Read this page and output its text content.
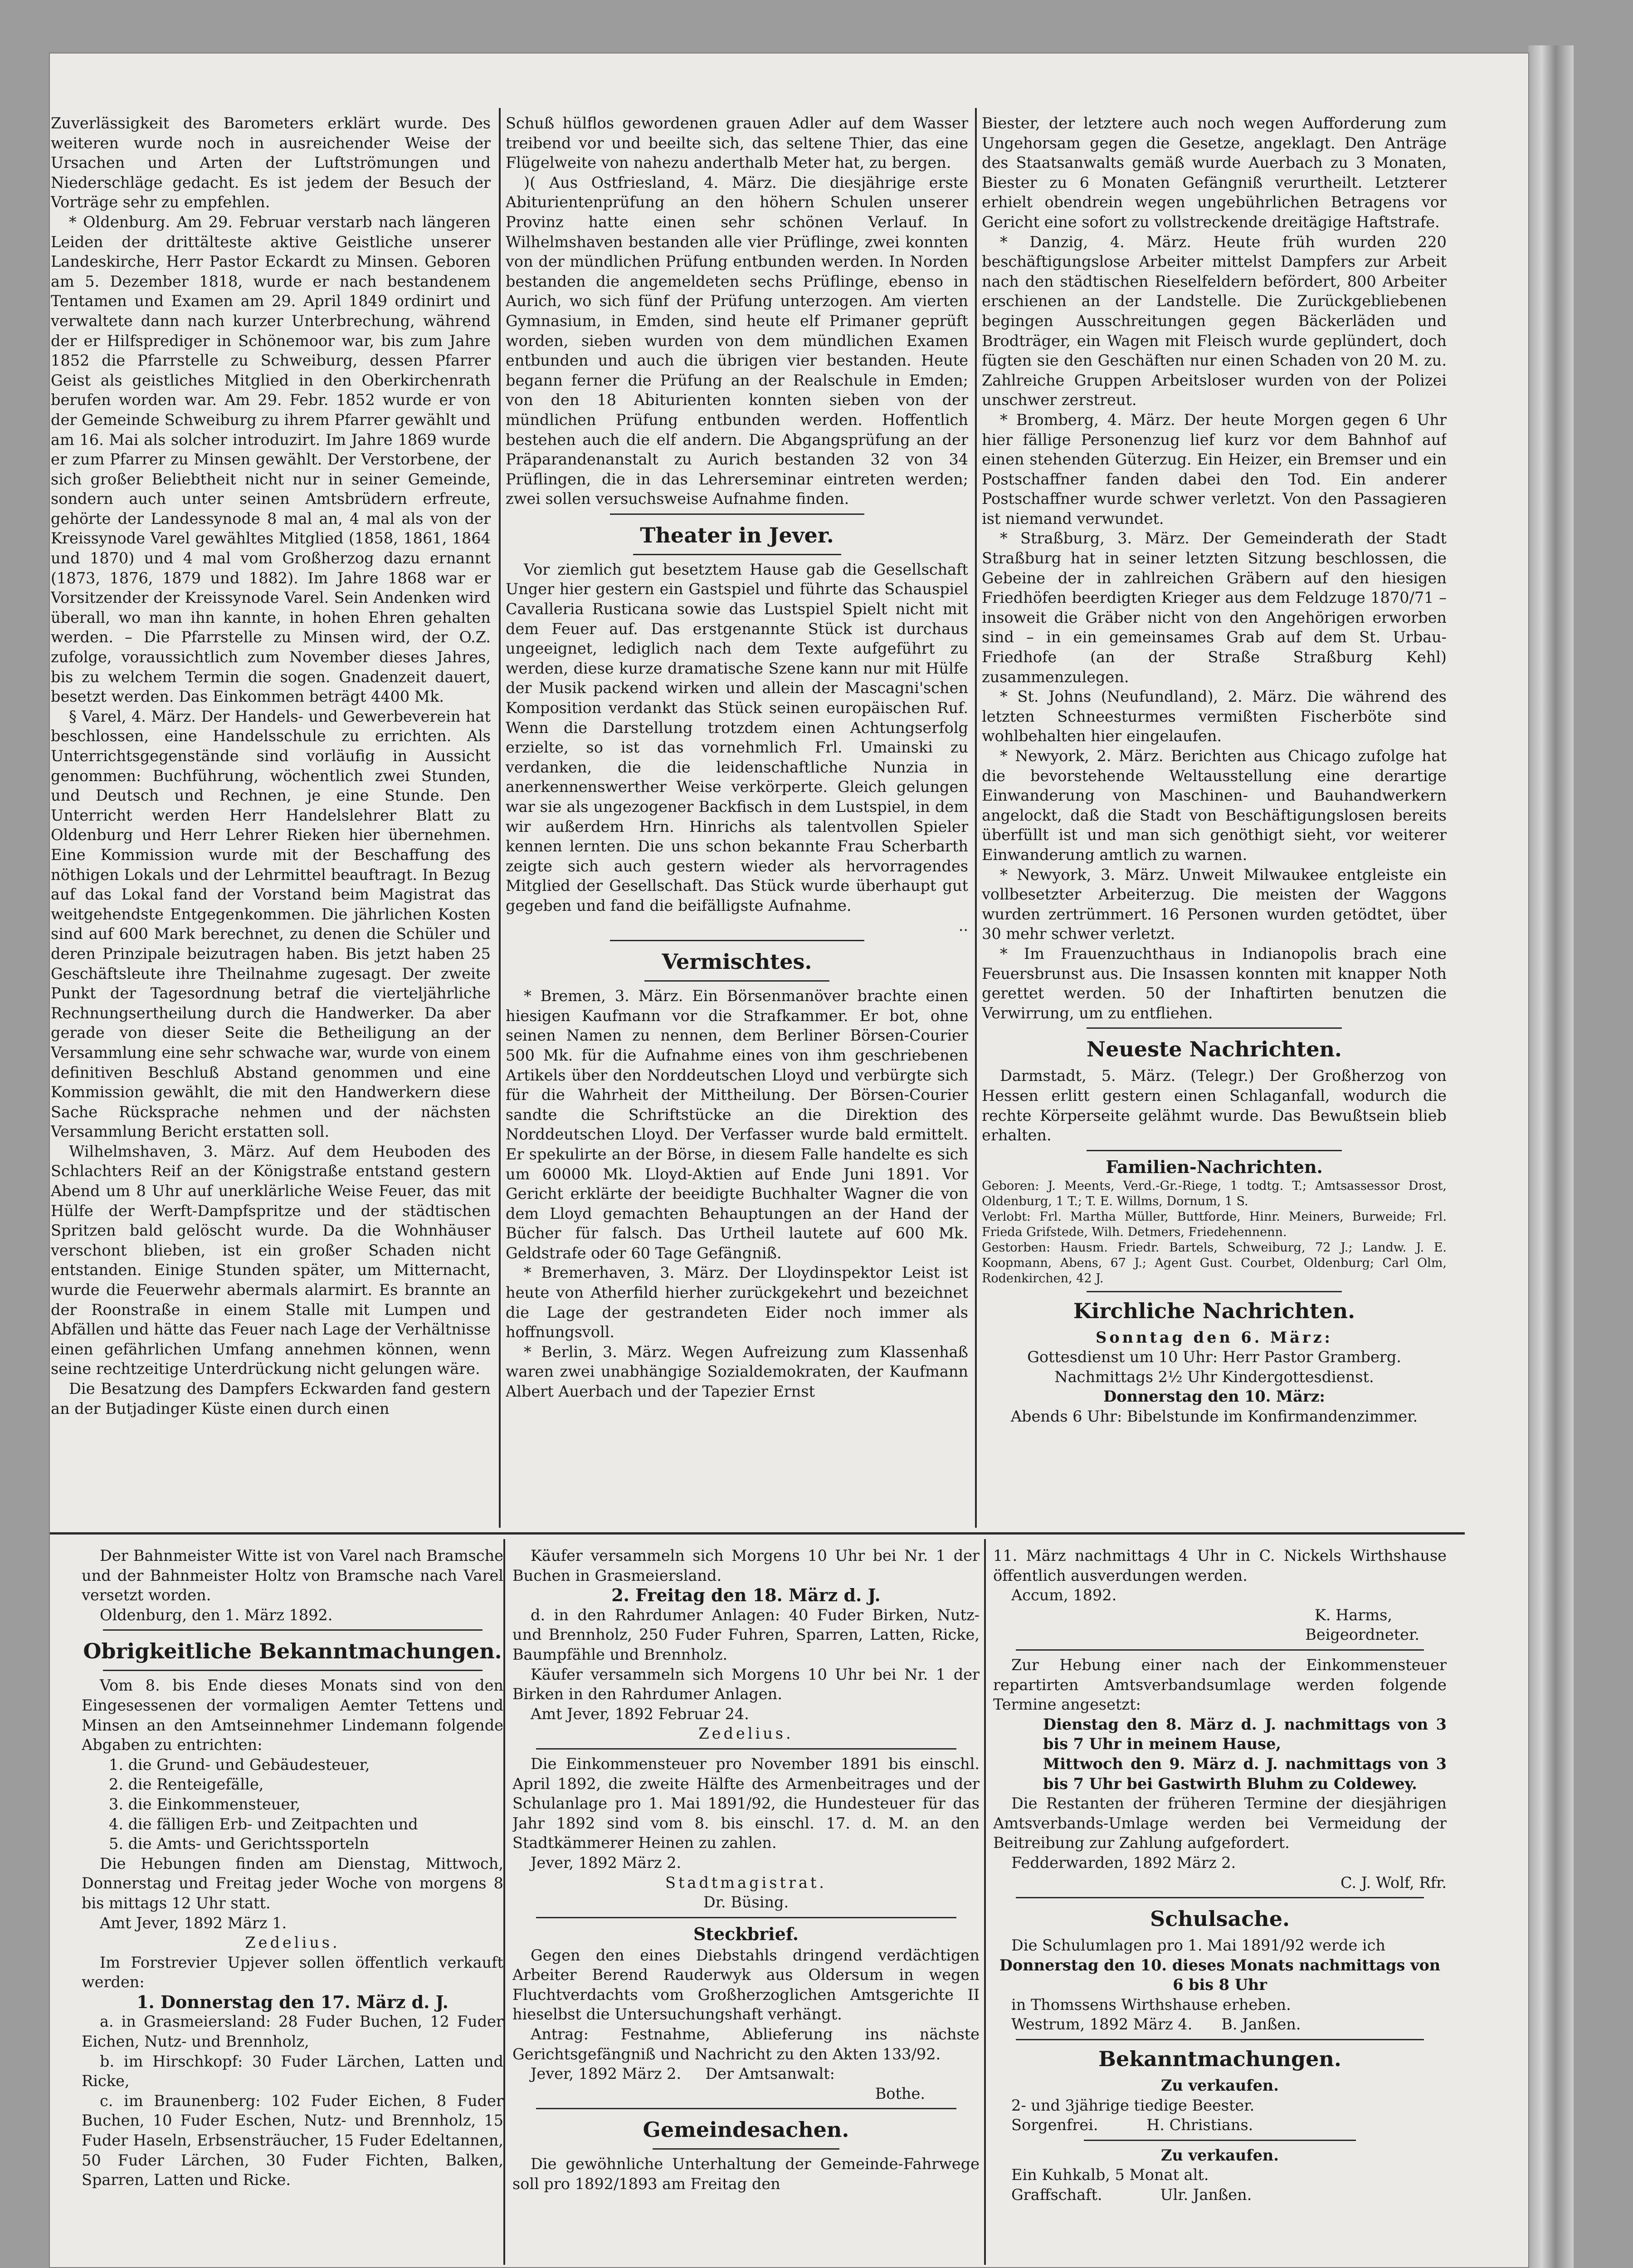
Zuverlässigkeit des Barometers erklärt wurde. Des weiteren wurde noch in ausreichender Weise der Ursachen und Arten der Luftströmungen und Niederschläge gedacht. Es ist jedem der Besuch der Vorträge sehr zu empfehlen.

* Oldenburg. Am 29. Februar verstarb nach längeren Leiden der drittälteste aktive Geistliche unserer Landeskirche, Herr Pastor Eckardt zu Minsen. Geboren am 5. Dezember 1818, wurde er nach bestandenem Tentamen und Examen am 29. April 1849 ordinirt und verwaltete dann nach kurzer Unterbrechung, während der er Hilfsprediger in Schönemoor war, bis zum Jahre 1852 die Pfarrstelle zu Schweiburg, dessen Pfarrer Geist als geistliches Mitglied in den Oberkirchenrath berufen worden war. Am 29. Febr. 1852 wurde er von der Gemeinde Schweiburg zu ihrem Pfarrer gewählt und am 16. Mai als solcher introduzirt. Im Jahre 1869 wurde er zum Pfarrer zu Minsen gewählt. Der Verstorbene, der sich großer Beliebtheit nicht nur in seiner Gemeinde, sondern auch unter seinen Amtsbrüdern erfreute, gehörte der Landessynode 8 mal an, 4 mal als von der Kreissynode Varel gewähltes Mitglied (1858, 1861, 1864 und 1870) und 4 mal vom Großherzog dazu ernannt (1873, 1876, 1879 und 1882). Im Jahre 1868 war er Vorsitzender der Kreissynode Varel. Sein Andenken wird überall, wo man ihn kannte, in hohen Ehren gehalten werden. – Die Pfarrstelle zu Minsen wird, der O.Z. zufolge, voraussichtlich zum November dieses Jahres, bis zu welchem Termin die sogen. Gnadenzeit dauert, besetzt werden. Das Einkommen beträgt 4400 Mk.

§ Varel, 4. März. Der Handels- und Gewerbeverein hat beschlossen, eine Handelsschule zu errichten. Als Unterrichtsgegenstände sind vorläufig in Aussicht genommen: Buchführung, wöchentlich zwei Stunden, und Deutsch und Rechnen, je eine Stunde. Den Unterricht werden Herr Handelslehrer Blatt zu Oldenburg und Herr Lehrer Rieken hier übernehmen. Eine Kommission wurde mit der Beschaffung des nöthigen Lokals und der Lehrmittel beauftragt. In Bezug auf das Lokal fand der Vorstand beim Magistrat das weitgehendste Entgegenkommen. Die jährlichen Kosten sind auf 600 Mark berechnet, zu denen die Schüler und deren Prinzipale beizutragen haben. Bis jetzt haben 25 Geschäftsleute ihre Theilnahme zugesagt. Der zweite Punkt der Tagesordnung betraf die vierteljährliche Rechnungsertheilung durch die Handwerker. Da aber gerade von dieser Seite die Betheiligung an der Versammlung eine sehr schwache war, wurde von einem definitiven Beschluß Abstand genommen und eine Kommission gewählt, die mit den Handwerkern diese Sache Rücksprache nehmen und der nächsten Versammlung Bericht erstatten soll.

Wilhelmshaven, 3. März. Auf dem Heuboden des Schlachters Reif an der Königstraße entstand gestern Abend um 8 Uhr auf unerklärliche Weise Feuer, das mit Hülfe der Werft-Dampfspritze und der städtischen Spritzen bald gelöscht wurde. Da die Wohnhäuser verschont blieben, ist ein großer Schaden nicht entstanden. Einige Stunden später, um Mitternacht, wurde die Feuerwehr abermals alarmirt. Es brannte an der Roonstraße in einem Stalle mit Lumpen und Abfällen und hätte das Feuer nach Lage der Verhältnisse einen gefährlichen Umfang annehmen können, wenn seine rechtzeitige Unterdrückung nicht gelungen wäre.

Die Besatzung des Dampfers Eckwarden fand gestern an der Butjadinger Küste einen durch einen

Schuß hülflos gewordenen grauen Adler auf dem Wasser treibend vor und beeilte sich, das seltene Thier, das eine Flügelweite von nahezu anderthalb Meter hat, zu bergen.

)( Aus Ostfriesland, 4. März. Die diesjährige erste Abiturientenprüfung an den höhern Schulen unserer Provinz hatte einen sehr schönen Verlauf. In Wilhelmshaven bestanden alle vier Prüflinge, zwei konnten von der mündlichen Prüfung entbunden werden. In Norden bestanden die angemeldeten sechs Prüflinge, ebenso in Aurich, wo sich fünf der Prüfung unterzogen. Am vierten Gymnasium, in Emden, sind heute elf Primaner geprüft worden, sieben wurden von dem mündlichen Examen entbunden und auch die übrigen vier bestanden. Heute begann ferner die Prüfung an der Realschule in Emden; von den 18 Abiturienten konnten sieben von der mündlichen Prüfung entbunden werden. Hoffentlich bestehen auch die elf andern. Die Abgangsprüfung an der Präparandenanstalt zu Aurich bestanden 32 von 34 Prüflingen, die in das Lehrerseminar eintreten werden; zwei sollen versuchsweise Aufnahme finden.

Theater in Jever.

Vor ziemlich gut besetztem Hause gab die Gesellschaft Unger hier gestern ein Gastspiel und führte das Schauspiel Cavalleria Rusticana sowie das Lustspiel Spielt nicht mit dem Feuer auf. Das erstgenannte Stück ist durchaus ungeeignet, lediglich nach dem Texte aufgeführt zu werden, diese kurze dramatische Szene kann nur mit Hülfe der Musik packend wirken und allein der Mascagni'schen Komposition verdankt das Stück seinen europäischen Ruf. Wenn die Darstellung trotzdem einen Achtungserfolg erzielte, so ist das vornehmlich Frl. Umainski zu verdanken, die die leidenschaftliche Nunzia in anerkennenswerther Weise verkörperte. Gleich gelungen war sie als ungezogener Backfisch in dem Lustspiel, in dem wir außerdem Hrn. Hinrichs als talentvollen Spieler kennen lernten. Die uns schon bekannte Frau Scherbarth zeigte sich auch gestern wieder als hervorragendes Mitglied der Gesellschaft. Das Stück wurde überhaupt gut gegeben und fand die beifälligste Aufnahme.

..

Vermischtes.

* Bremen, 3. März. Ein Börsenmanöver brachte einen hiesigen Kaufmann vor die Strafkammer. Er bot, ohne seinen Namen zu nennen, dem Berliner Börsen-Courier 500 Mk. für die Aufnahme eines von ihm geschriebenen Artikels über den Norddeutschen Lloyd und verbürgte sich für die Wahrheit der Mittheilung. Der Börsen-Courier sandte die Schriftstücke an die Direktion des Norddeutschen Lloyd. Der Verfasser wurde bald ermittelt. Er spekulirte an der Börse, in diesem Falle handelte es sich um 60000 Mk. Lloyd-Aktien auf Ende Juni 1891. Vor Gericht erklärte der beeidigte Buchhalter Wagner die von dem Lloyd gemachten Behauptungen an der Hand der Bücher für falsch. Das Urtheil lautete auf 600 Mk. Geldstrafe oder 60 Tage Gefängniß.

* Bremerhaven, 3. März. Der Lloydinspektor Leist ist heute von Atherfild hierher zurückgekehrt und bezeichnet die Lage der gestrandeten Eider noch immer als hoffnungsvoll.

* Berlin, 3. März. Wegen Aufreizung zum Klassenhaß waren zwei unabhängige Sozialdemokraten, der Kaufmann Albert Auerbach und der Tapezier Ernst

Biester, der letztere auch noch wegen Aufforderung zum Ungehorsam gegen die Gesetze, angeklagt. Den Anträge des Staatsanwalts gemäß wurde Auerbach zu 3 Monaten, Biester zu 6 Monaten Gefängniß verurtheilt. Letzterer erhielt obendrein wegen ungebührlichen Betragens vor Gericht eine sofort zu vollstreckende dreitägige Haftstrafe.

* Danzig, 4. März. Heute früh wurden 220 beschäftigungslose Arbeiter mittelst Dampfers zur Arbeit nach den städtischen Rieselfeldern befördert, 800 Arbeiter erschienen an der Landstelle. Die Zurückgebliebenen begingen Ausschreitungen gegen Bäckerläden und Brodträger, ein Wagen mit Fleisch wurde geplündert, doch fügten sie den Geschäften nur einen Schaden von 20 M. zu. Zahlreiche Gruppen Arbeitsloser wurden von der Polizei unschwer zerstreut.

* Bromberg, 4. März. Der heute Morgen gegen 6 Uhr hier fällige Personenzug lief kurz vor dem Bahnhof auf einen stehenden Güterzug. Ein Heizer, ein Bremser und ein Postschaffner fanden dabei den Tod. Ein anderer Postschaffner wurde schwer verletzt. Von den Passagieren ist niemand verwundet.

* Straßburg, 3. März. Der Gemeinderath der Stadt Straßburg hat in seiner letzten Sitzung beschlossen, die Gebeine der in zahlreichen Gräbern auf den hiesigen Friedhöfen beerdigten Krieger aus dem Feldzuge 1870/71 – insoweit die Gräber nicht von den Angehörigen erworben sind – in ein gemeinsames Grab auf dem St. Urbau-Friedhofe (an der Straße Straßburg Kehl) zusammenzulegen.

* St. Johns (Neufundland), 2. März. Die während des letzten Schneesturmes vermißten Fischerböte sind wohlbehalten hier eingelaufen.

* Newyork, 2. März. Berichten aus Chicago zufolge hat die bevorstehende Weltausstellung eine derartige Einwanderung von Maschinen- und Bauhandwerkern angelockt, daß die Stadt von Beschäftigungslosen bereits überfüllt ist und man sich genöthigt sieht, vor weiterer Einwanderung amtlich zu warnen.

* Newyork, 3. März. Unweit Milwaukee entgleiste ein vollbesetzter Arbeiterzug. Die meisten der Waggons wurden zertrümmert. 16 Personen wurden getödtet, über 30 mehr schwer verletzt.

* Im Frauenzuchthaus in Indianopolis brach eine Feuersbrunst aus. Die Insassen konnten mit knapper Noth gerettet werden. 50 der Inhaftirten benutzen die Verwirrung, um zu entfliehen.

Neueste Nachrichten.

Darmstadt, 5. März. (Telegr.) Der Großherzog von Hessen erlitt gestern einen Schlaganfall, wodurch die rechte Körperseite gelähmt wurde. Das Bewußtsein blieb erhalten.

Familien-Nachrichten.

Geboren: J. Meents, Verd.-Gr.-Riege, 1 todtg. T.; Amtsassessor Drost, Oldenburg, 1 T.; T. E. Willms, Dornum, 1 S.

Verlobt: Frl. Martha Müller, Buttforde, Hinr. Meiners, Burweide; Frl. Frieda Grifstede, Wilh. Detmers, Friedehennenn.

Gestorben: Hausm. Friedr. Bartels, Schweiburg, 72 J.; Landw. J. E. Koopmann, Abens, 67 J.; Agent Gust. Courbet, Oldenburg; Carl Olm, Rodenkirchen, 42 J.

Kirchliche Nachrichten.

Sonntag den 6. März:

Gottesdienst um 10 Uhr: Herr Pastor Gramberg.

Nachmittags 2½ Uhr Kindergottesdienst.

Donnerstag den 10. März:

Abends 6 Uhr: Bibelstunde im Konfirmandenzimmer.

Der Bahnmeister Witte ist von Varel nach Bramsche und der Bahnmeister Holtz von Bramsche nach Varel versetzt worden.

Oldenburg, den 1. März 1892.

Obrigkeitliche Bekanntmachungen.

Vom 8. bis Ende dieses Monats sind von den Eingesessenen der vormaligen Aemter Tettens und Minsen an den Amtseinnehmer Lindemann folgende Abgaben zu entrichten:

1. die Grund- und Gebäudesteuer,

2. die Renteigefälle,

3. die Einkommensteuer,

4. die fälligen Erb- und Zeitpachten und

5. die Amts- und Gerichtssporteln

Die Hebungen finden am Dienstag, Mittwoch, Donnerstag und Freitag jeder Woche von morgens 8 bis mittags 12 Uhr statt.

Amt Jever, 1892 März 1.

Zedelius.

Im Forstrevier Upjever sollen öffentlich verkauft werden:

1. Donnerstag den 17. März d. J.

a. in Grasmeiersland: 28 Fuder Buchen, 12 Fuder Eichen, Nutz- und Brennholz,

b. im Hirschkopf: 30 Fuder Lärchen, Latten und Ricke,

c. im Braunenberg: 102 Fuder Eichen, 8 Fuder Buchen, 10 Fuder Eschen, Nutz- und Brennholz, 15 Fuder Haseln, Erbsensträucher, 15 Fuder Edeltannen, 50 Fuder Lärchen, 30 Fuder Fichten, Balken, Sparren, Latten und Ricke.

Käufer versammeln sich Morgens 10 Uhr bei Nr. 1 der Buchen in Grasmeiersland.

2. Freitag den 18. März d. J.

d. in den Rahrdumer Anlagen: 40 Fuder Birken, Nutz- und Brennholz, 250 Fuder Fuhren, Sparren, Latten, Ricke, Baumpfähle und Brennholz.

Käufer versammeln sich Morgens 10 Uhr bei Nr. 1 der Birken in den Rahrdumer Anlagen.

Amt Jever, 1892 Februar 24.

Zedelius.

Die Einkommensteuer pro November 1891 bis einschl. April 1892, die zweite Hälfte des Armenbeitrages und der Schulanlage pro 1. Mai 1891/92, die Hundesteuer für das Jahr 1892 sind vom 8. bis einschl. 17. d. M. an den Stadtkämmerer Heinen zu zahlen.

Jever, 1892 März 2.

Stadtmagistrat.

Dr. Büsing.

Steckbrief.

Gegen den eines Diebstahls dringend verdächtigen Arbeiter Berend Rauderwyk aus Oldersum in wegen Fluchtverdachts vom Großherzoglichen Amtsgerichte II hieselbst die Untersuchungshaft verhängt.

Antrag: Festnahme, Ablieferung ins nächste Gerichtsgefängniß und Nachricht zu den Akten 133/92.

Jever, 1892 März 2. Der Amtsanwalt:

Bothe.

Gemeindesachen.

Die gewöhnliche Unterhaltung der Gemeinde-Fahrwege soll pro 1892/1893 am Freitag den

11. März nachmittags 4 Uhr in C. Nickels Wirthshause öffentlich ausverdungen werden.

Accum, 1892.

K. Harms,

Beigeordneter.

Zur Hebung einer nach der Einkommensteuer repartirten Amtsverbandsumlage werden folgende Termine angesetzt:

Dienstag den 8. März d. J. nachmittags von 3 bis 7 Uhr in meinem Hause,

Mittwoch den 9. März d. J. nachmittags von 3 bis 7 Uhr bei Gastwirth Bluhm zu Coldewey.

Die Restanten der früheren Termine der diesjährigen Amtsverbands-Umlage werden bei Vermeidung der Beitreibung zur Zahlung aufgefordert.

Fedderwarden, 1892 März 2.

C. J. Wolf, Rfr.

Schulsache.

Die Schulumlagen pro 1. Mai 1891/92 werde ich

Donnerstag den 10. dieses Monats nachmittags von 6 bis 8 Uhr

in Thomssens Wirthshause erheben.

Westrum, 1892 März 4. B. Janßen.

Bekanntmachungen.

Zu verkaufen.

2- und 3jährige tiedige Beester.

Sorgenfrei.	H. Christians.

Zu verkaufen.

Ein Kuhkalb, 5 Monat alt.

Graffschaft.	Ulr. Janßen.
